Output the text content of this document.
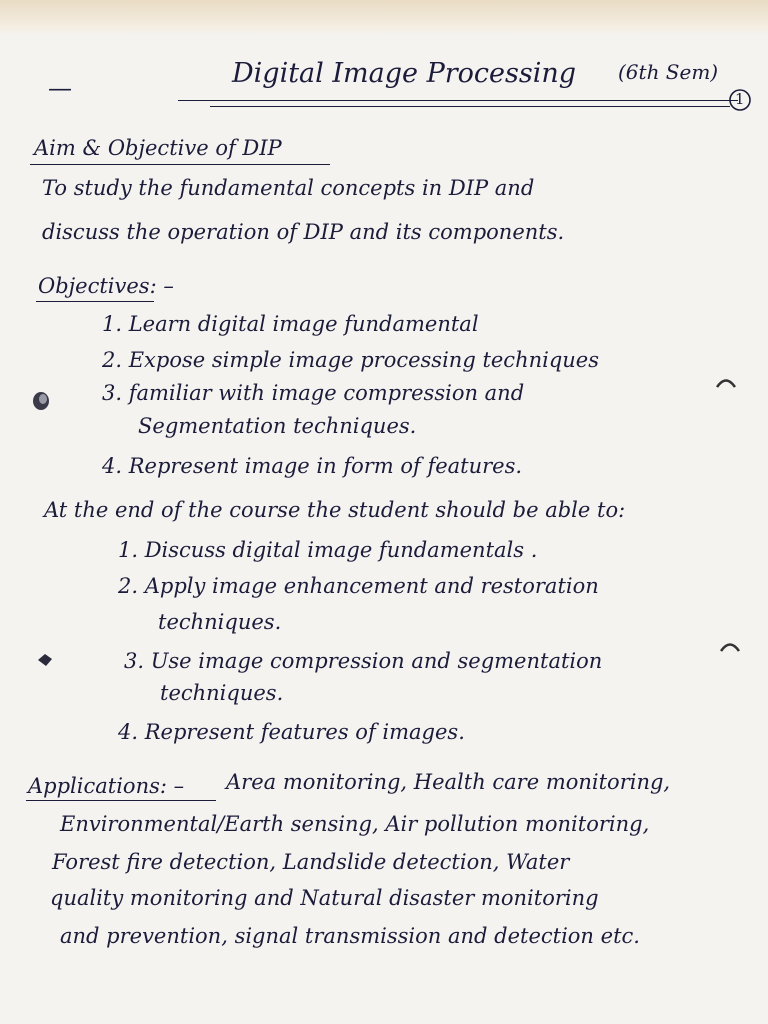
—	Digital Image Processing (6th Sem)
1
Aim & Objective of DIP
To study the fundamental concepts in DIP and
discuss the operation of DIP and its components.
Objectives: –
1. Learn digital image fundamental
2. Expose simple image processing techniques
3. familiar with image compression and
Segmentation techniques.
4. Represent image in form of features.
At the end of the course the student should be able to:
1. Discuss digital image fundamentals .
2. Apply image enhancement and restoration
techniques.
3. Use image compression and segmentation
techniques.
4. Represent features of images.
Applications: – Area monitoring, Health care monitoring,
Environmental/Earth sensing, Air pollution monitoring,
Forest fire detection, Landslide detection, Water
quality monitoring and Natural disaster monitoring
and prevention, signal transmission and detection etc.
